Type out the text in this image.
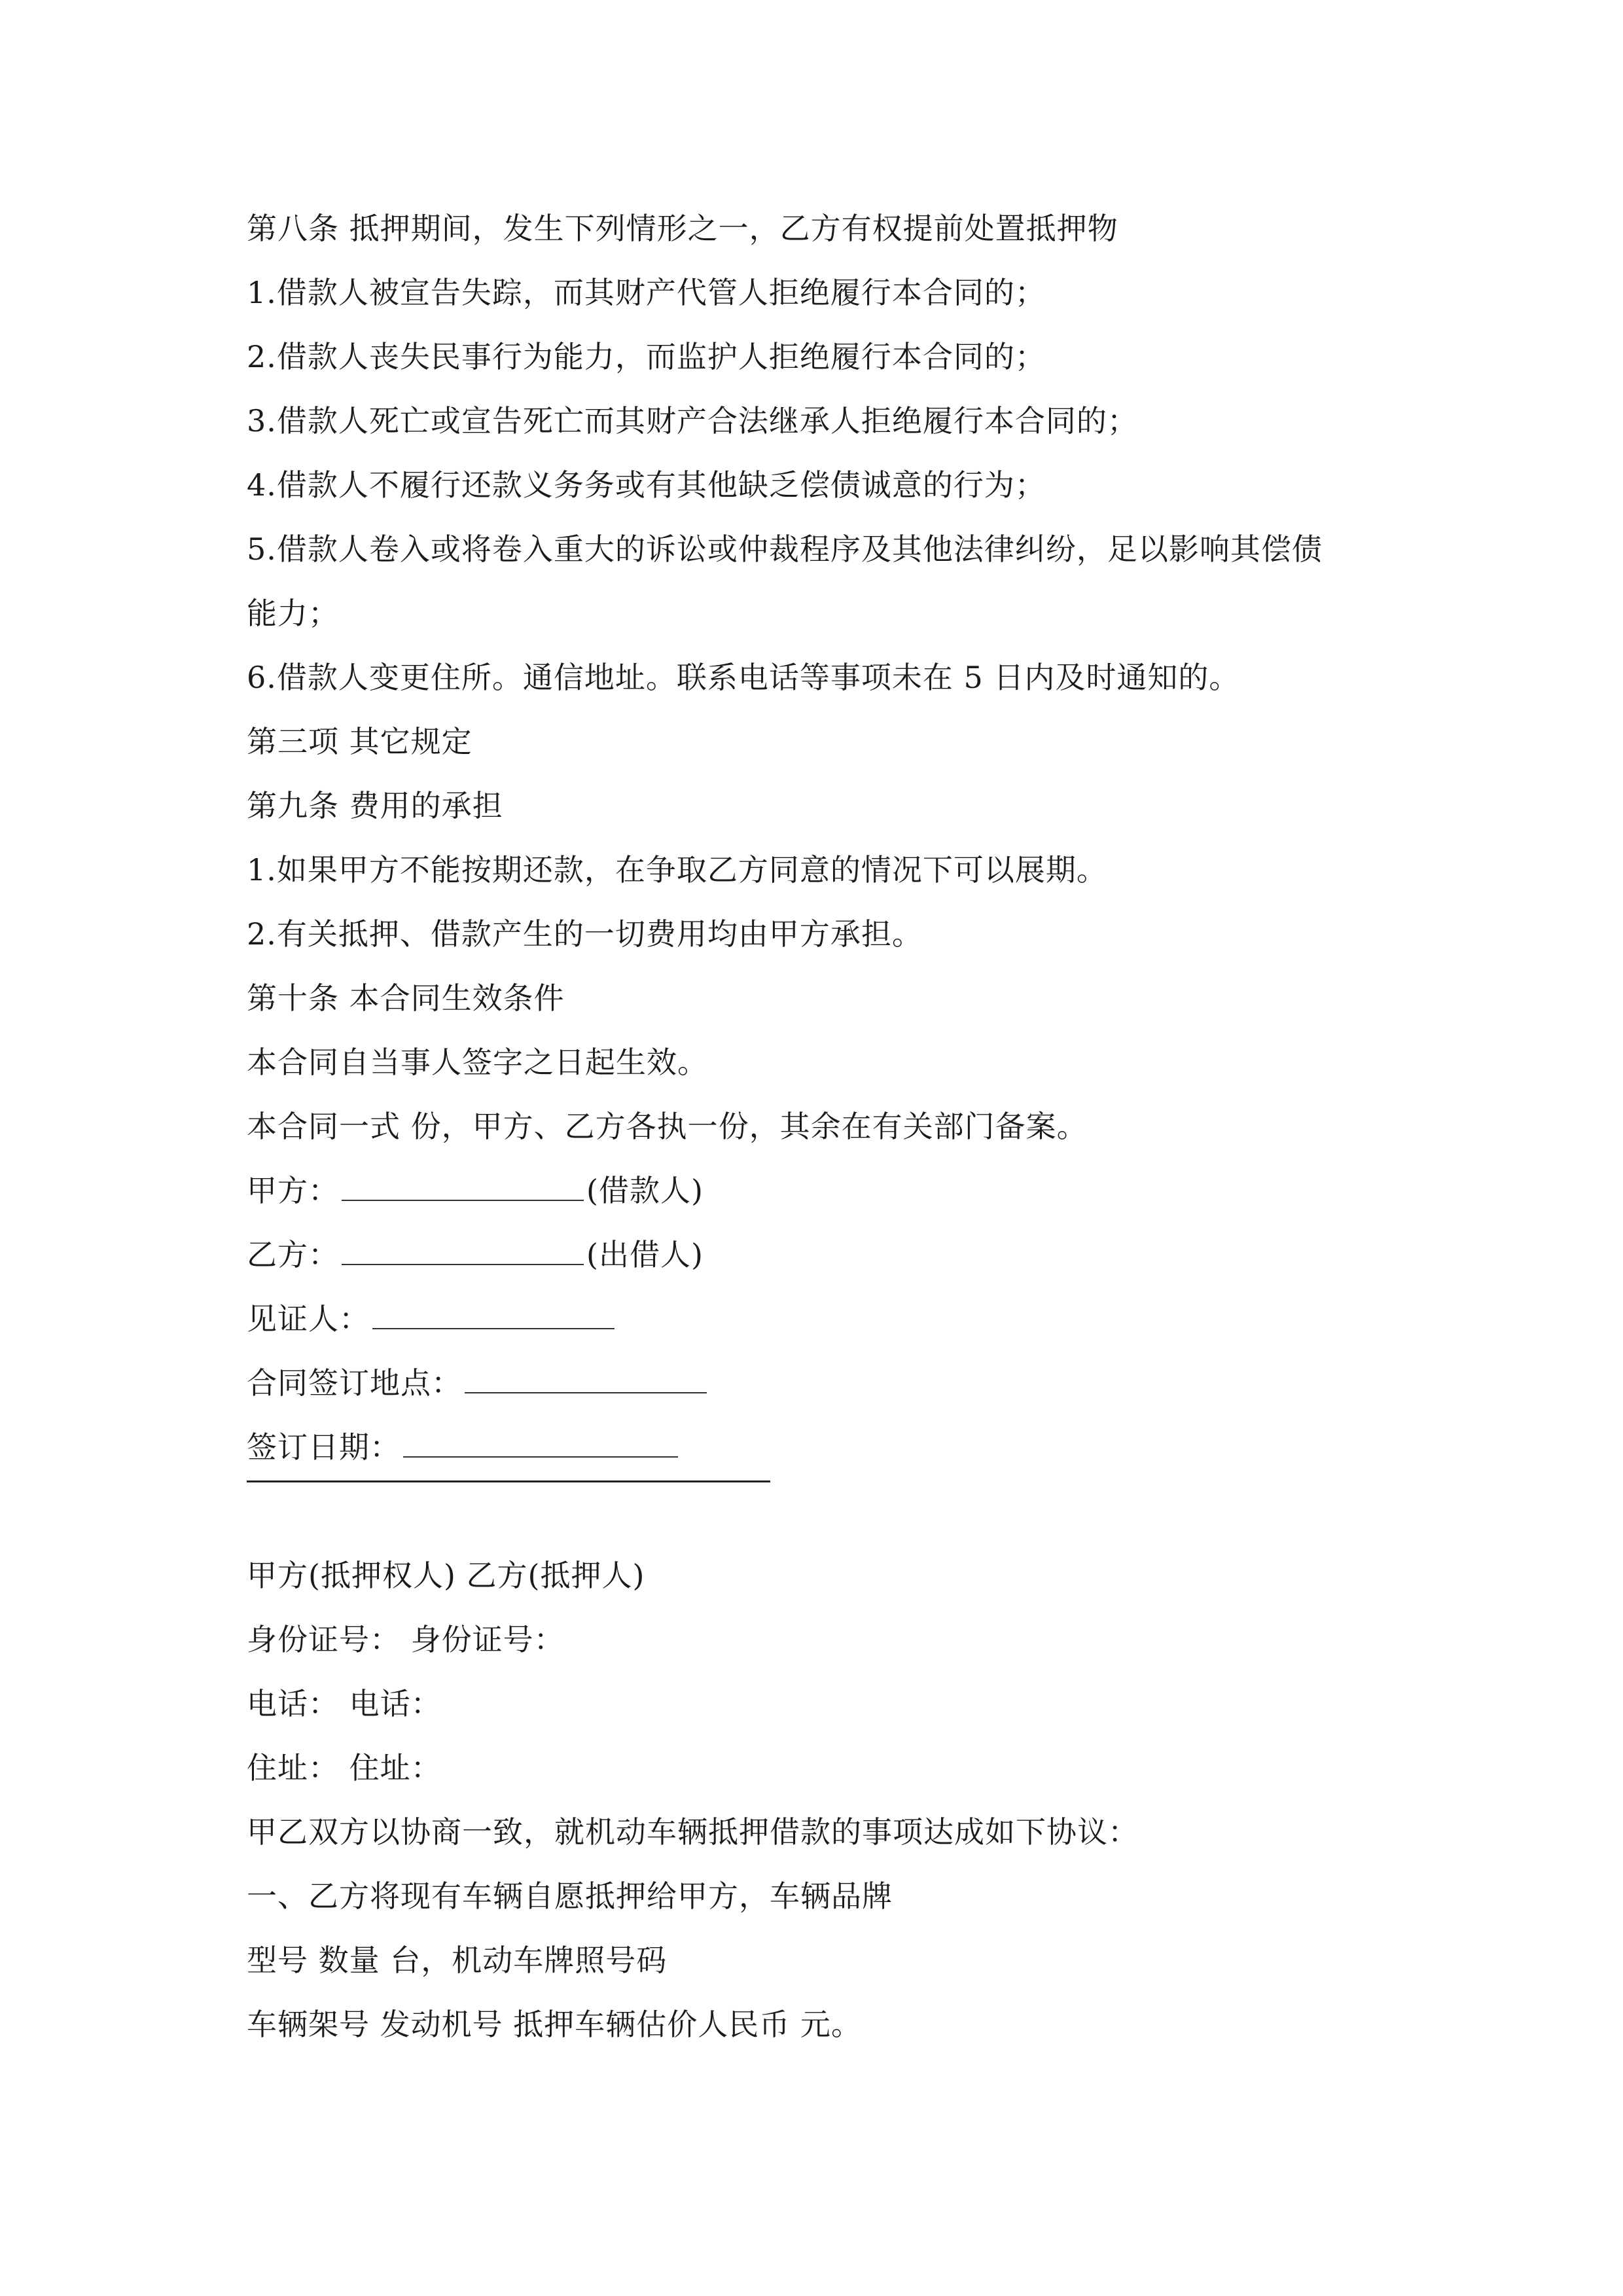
第八条 抵押期间，发生下列情形之一，乙方有权提前处置抵押物
1.借款人被宣告失踪，而其财产代管人拒绝履行本合同的；
2.借款人丧失民事行为能力，而监护人拒绝履行本合同的；
3.借款人死亡或宣告死亡而其财产合法继承人拒绝履行本合同的；
4.借款人不履行还款义务务或有其他缺乏偿债诚意的行为；
5.借款人卷入或将卷入重大的诉讼或仲裁程序及其他法律纠纷，足以影响其偿债
能力；
6.借款人变更住所。通信地址。联系电话等事项未在 5 日内及时通知的。
第三项 其它规定
第九条 费用的承担
1.如果甲方不能按期还款，在争取乙方同意的情况下可以展期。
2.有关抵押、借款产生的一切费用均由甲方承担。
第十条 本合同生效条件
本合同自当事人签字之日起生效。
本合同一式 份，甲方、乙方各执一份，其余在有关部门备案。
甲方：	(借款人)
乙方：	(出借人)
见证人：
合同签订地点：
签订日期：
甲方(抵押权人) 乙方(抵押人)
身份证号： 身份证号：
电话： 电话：
住址： 住址：
甲乙双方以协商一致，就机动车辆抵押借款的事项达成如下协议：
一、乙方将现有车辆自愿抵押给甲方，车辆品牌
型号 数量 台，机动车牌照号码
车辆架号 发动机号 抵押车辆估价人民币 元。
